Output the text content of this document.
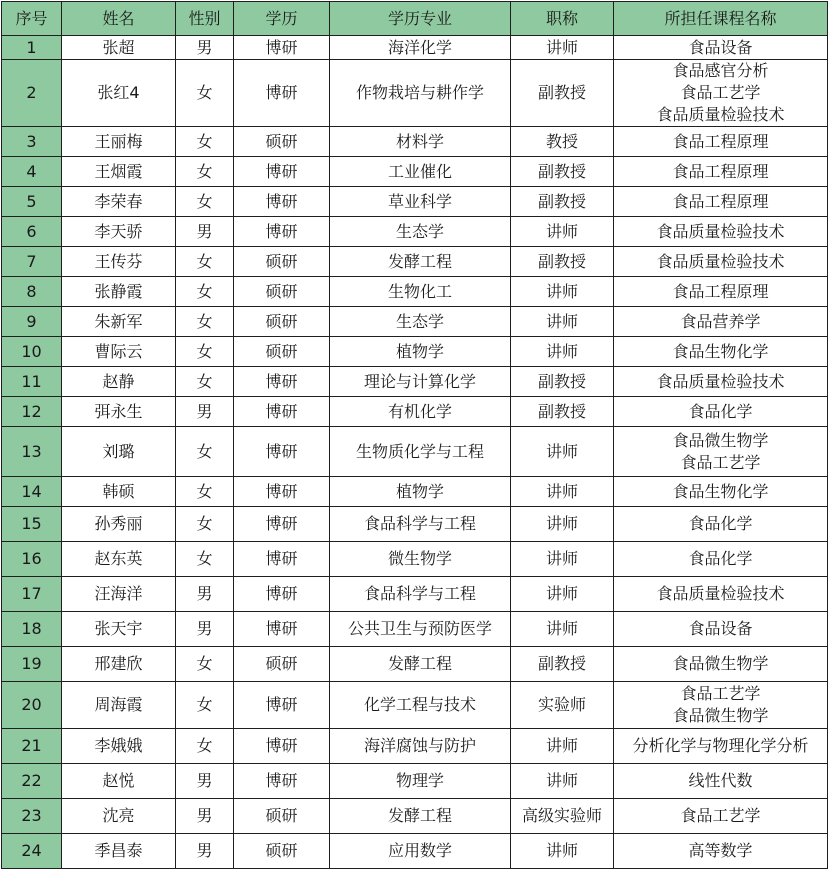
序号	姓名	性别	学历	学历专业	职称	所担任课程名称
1	张超	男	博研	海洋化学	讲师	食品设备

2	张红4	女	博研	作物栽培与耕作学	副教授	食品感官分析
食品工艺学
食品质量检验技术

3	王丽梅	女	硕研	材料学	教授	食品工程原理

4	王烟霞	女	博研	工业催化	副教授	食品工程原理

5	李荣春	女	博研	草业科学	副教授	食品工程原理

6	李天骄	男	博研	生态学	讲师	食品质量检验技术

7	王传芬	女	硕研	发酵工程	副教授	食品质量检验技术

8	张静霞	女	硕研	生物化工	讲师	食品工程原理

9	朱新军	女	硕研	生态学	讲师	食品营养学

10	曹际云	女	硕研	植物学	讲师	食品生物化学

11	赵静	女	博研	理论与计算化学	副教授	食品质量检验技术

12	弭永生	男	博研	有机化学	副教授	食品化学

13	刘璐	女	博研	生物质化学与工程	讲师	食品微生物学
食品工艺学

14	韩硕	女	博研	植物学	讲师	食品生物化学

15	孙秀丽	女	博研	食品科学与工程	讲师	食品化学

16	赵东英	女	博研	微生物学	讲师	食品化学

17	汪海洋	男	博研	食品科学与工程	讲师	食品质量检验技术

18	张天宇	男	博研	公共卫生与预防医学	讲师	食品设备

19	邢建欣	女	硕研	发酵工程	副教授	食品微生物学

20	周海霞	女	博研	化学工程与技术	实验师	食品工艺学
食品微生物学

21	李娥娥	女	博研	海洋腐蚀与防护	讲师	分析化学与物理化学分析

22	赵悦	男	博研	物理学	讲师	线性代数

23	沈亮	男	硕研	发酵工程	高级实验师	食品工艺学

24	季昌泰	男	硕研	应用数学	讲师	高等数学
